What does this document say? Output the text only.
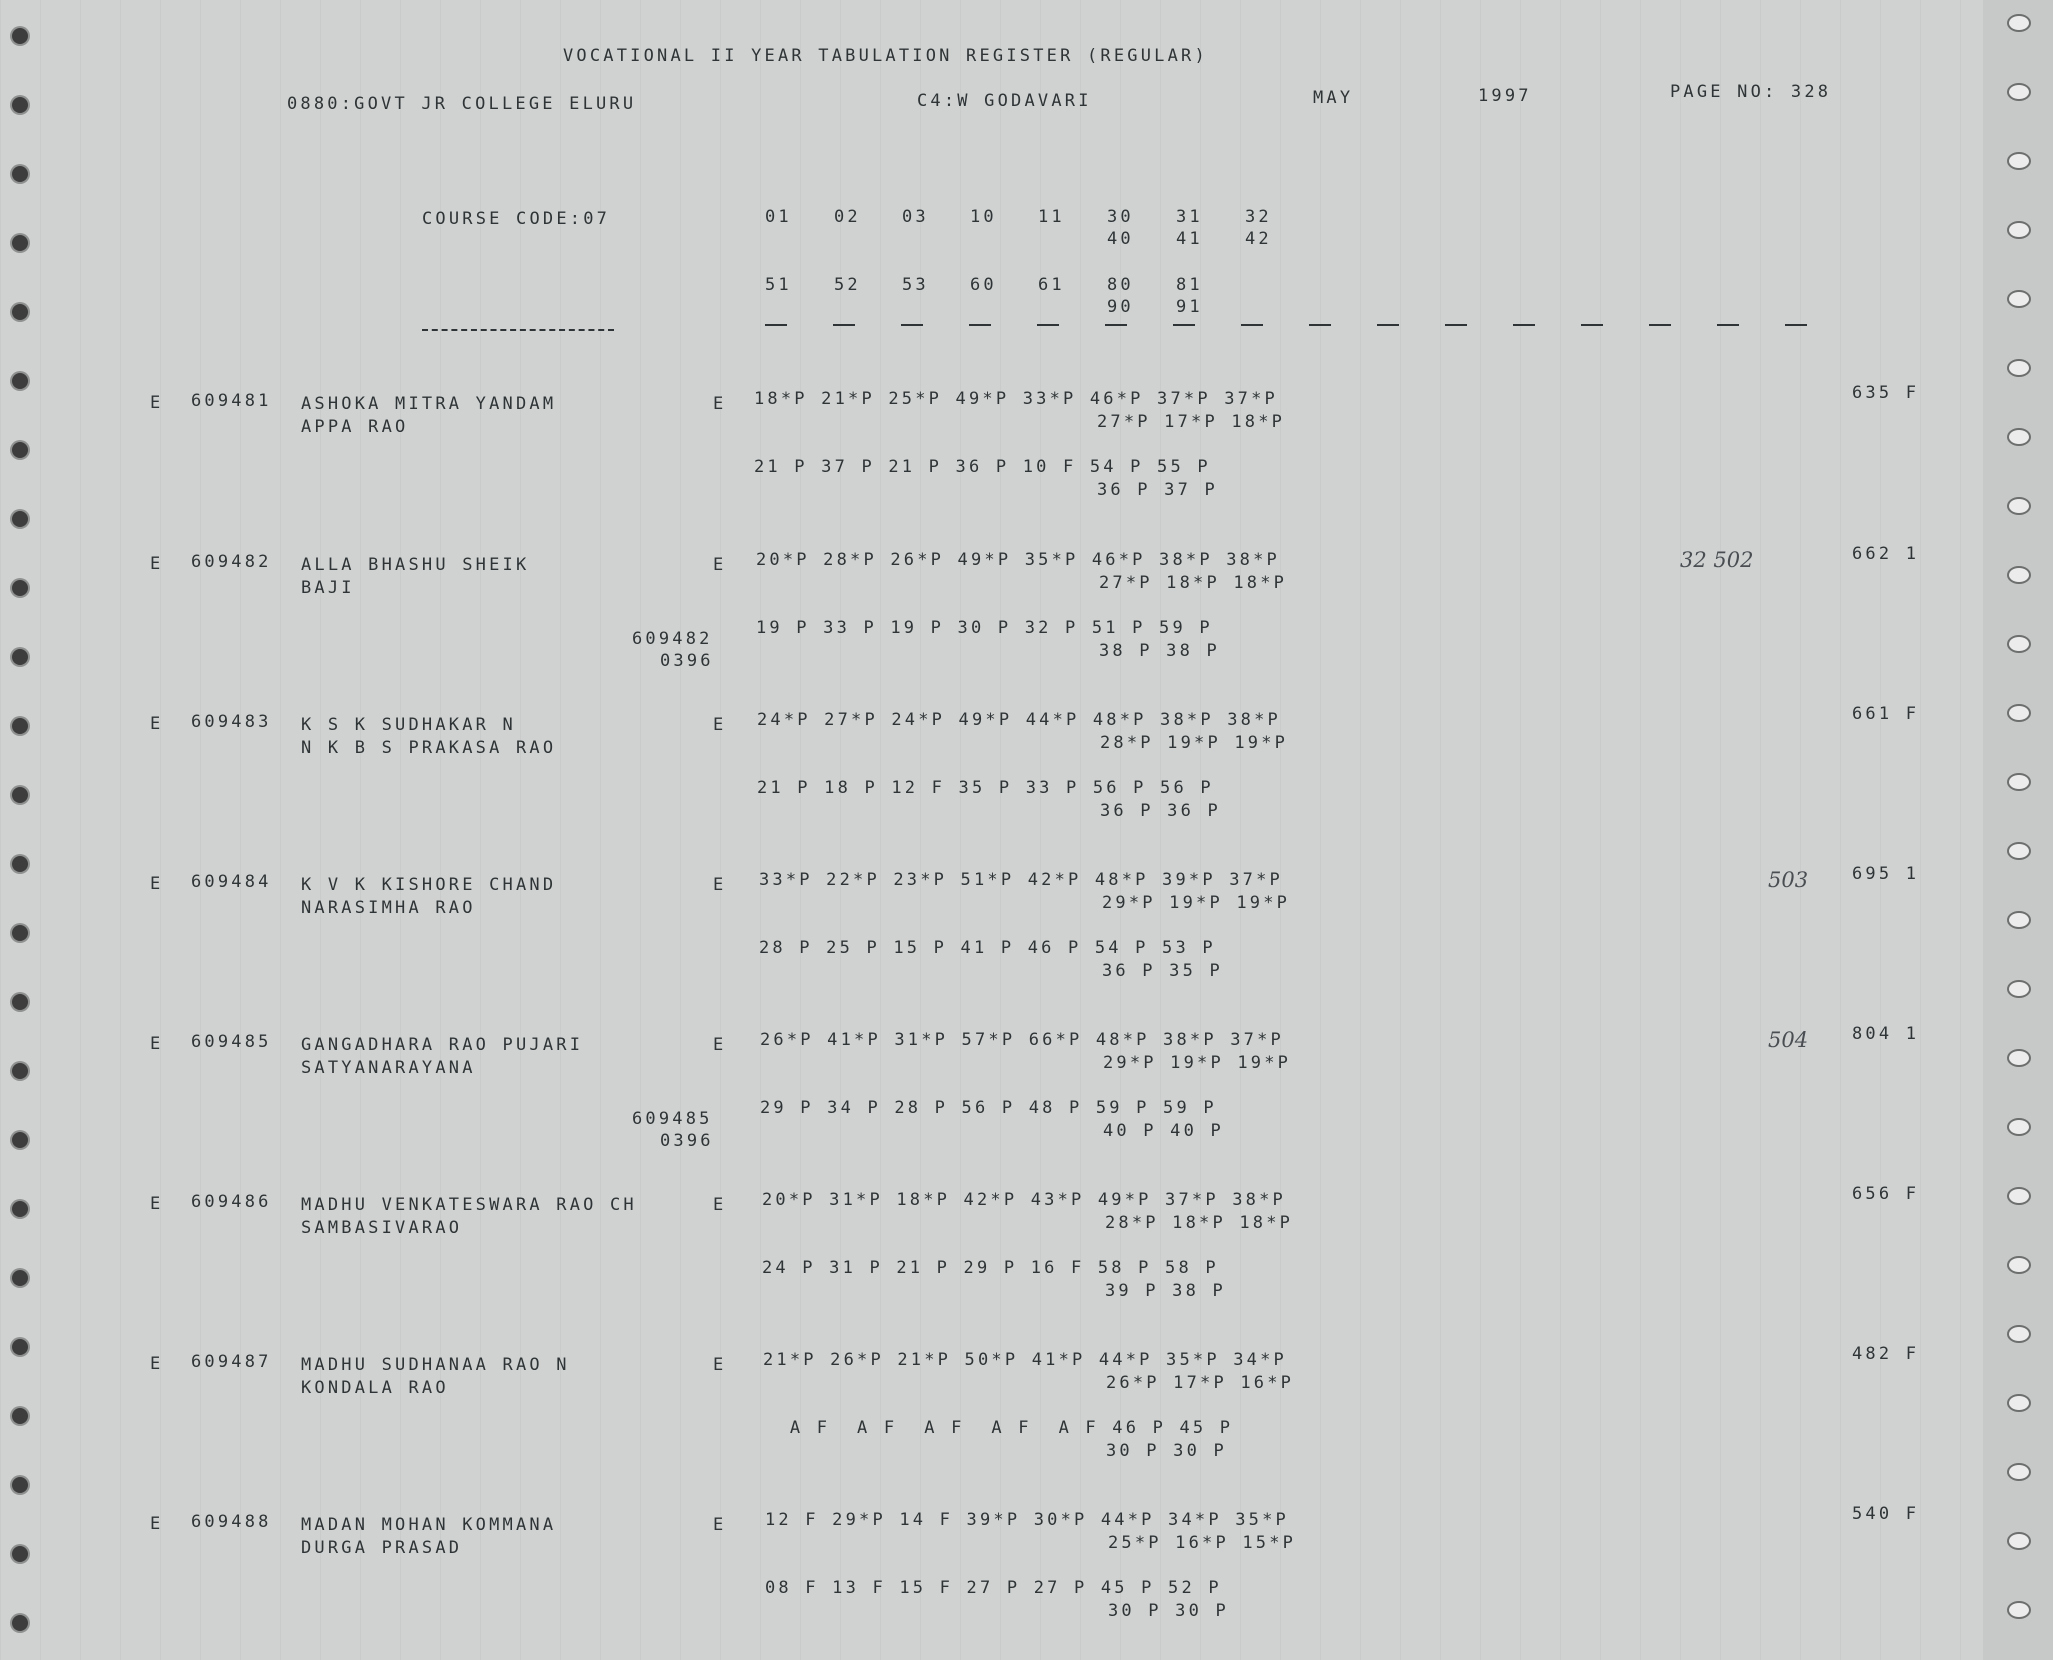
VOCATIONAL II YEAR TABULATION REGISTER (REGULAR)
0880:GOVT JR COLLEGE ELURU	C4:W GODAVARI	MAY	1997	PAGE NO: 328
COURSE CODE:07	01 02 03 10 11 30 31 32
40 41 42
51 52 53 60 61 80 81
90 91
E 609481 ASHOKA MITRA YANDAM
APPA RAO
E 18*P 21*P 25*P 49*P 33*P 46*P 37*P 37*P
27*P 17*P 18*P
21 P 37 P 21 P 36 P 10 F 54 P 55 P
36 P 37 P
635 F
E 609482 ALLA BHASHU SHEIK
BAJI
E 20*P 28*P 26*P 49*P 35*P 46*P 38*P 38*P
27*P 18*P 18*P
19 P 33 P 19 P 30 P 32 P 51 P 59 P
38 P 38 P
609482
0396
662 1
32 502
E 609483 K S K SUDHAKAR N
N K B S PRAKASA RAO
E 24*P 27*P 24*P 49*P 44*P 48*P 38*P 38*P
28*P 19*P 19*P
21 P 18 P 12 F 35 P 33 P 56 P 56 P
36 P 36 P
661 F
E 609484 K V K KISHORE CHAND
NARASIMHA RAO
E 33*P 22*P 23*P 51*P 42*P 48*P 39*P 37*P
29*P 19*P 19*P
28 P 25 P 15 P 41 P 46 P 54 P 53 P
36 P 35 P
695 1
503
E 609485 GANGADHARA RAO PUJARI
SATYANARAYANA
E 26*P 41*P 31*P 57*P 66*P 48*P 38*P 37*P
29*P 19*P 19*P
29 P 34 P 28 P 56 P 48 P 59 P 59 P
40 P 40 P
609485
0396
804 1
504
E 609486 MADHU VENKATESWARA RAO CH
SAMBASIVARAO
E 20*P 31*P 18*P 42*P 43*P 49*P 37*P 38*P
28*P 18*P 18*P
24 P 31 P 21 P 29 P 16 F 58 P 58 P
39 P 38 P
656 F
E 609487 MADHU SUDHANAA RAO N
KONDALA RAO
E 21*P 26*P 21*P 50*P 41*P 44*P 35*P 34*P
26*P 17*P 16*P
A F  A F  A F  A F  A F 46 P 45 P
30 P 30 P
482 F
E 609488 MADAN MOHAN KOMMANA
DURGA PRASAD
E 12 F 29*P 14 F 39*P 30*P 44*P 34*P 35*P
25*P 16*P 15*P
08 F 13 F 15 F 27 P 27 P 45 P 52 P
30 P 30 P
540 F
